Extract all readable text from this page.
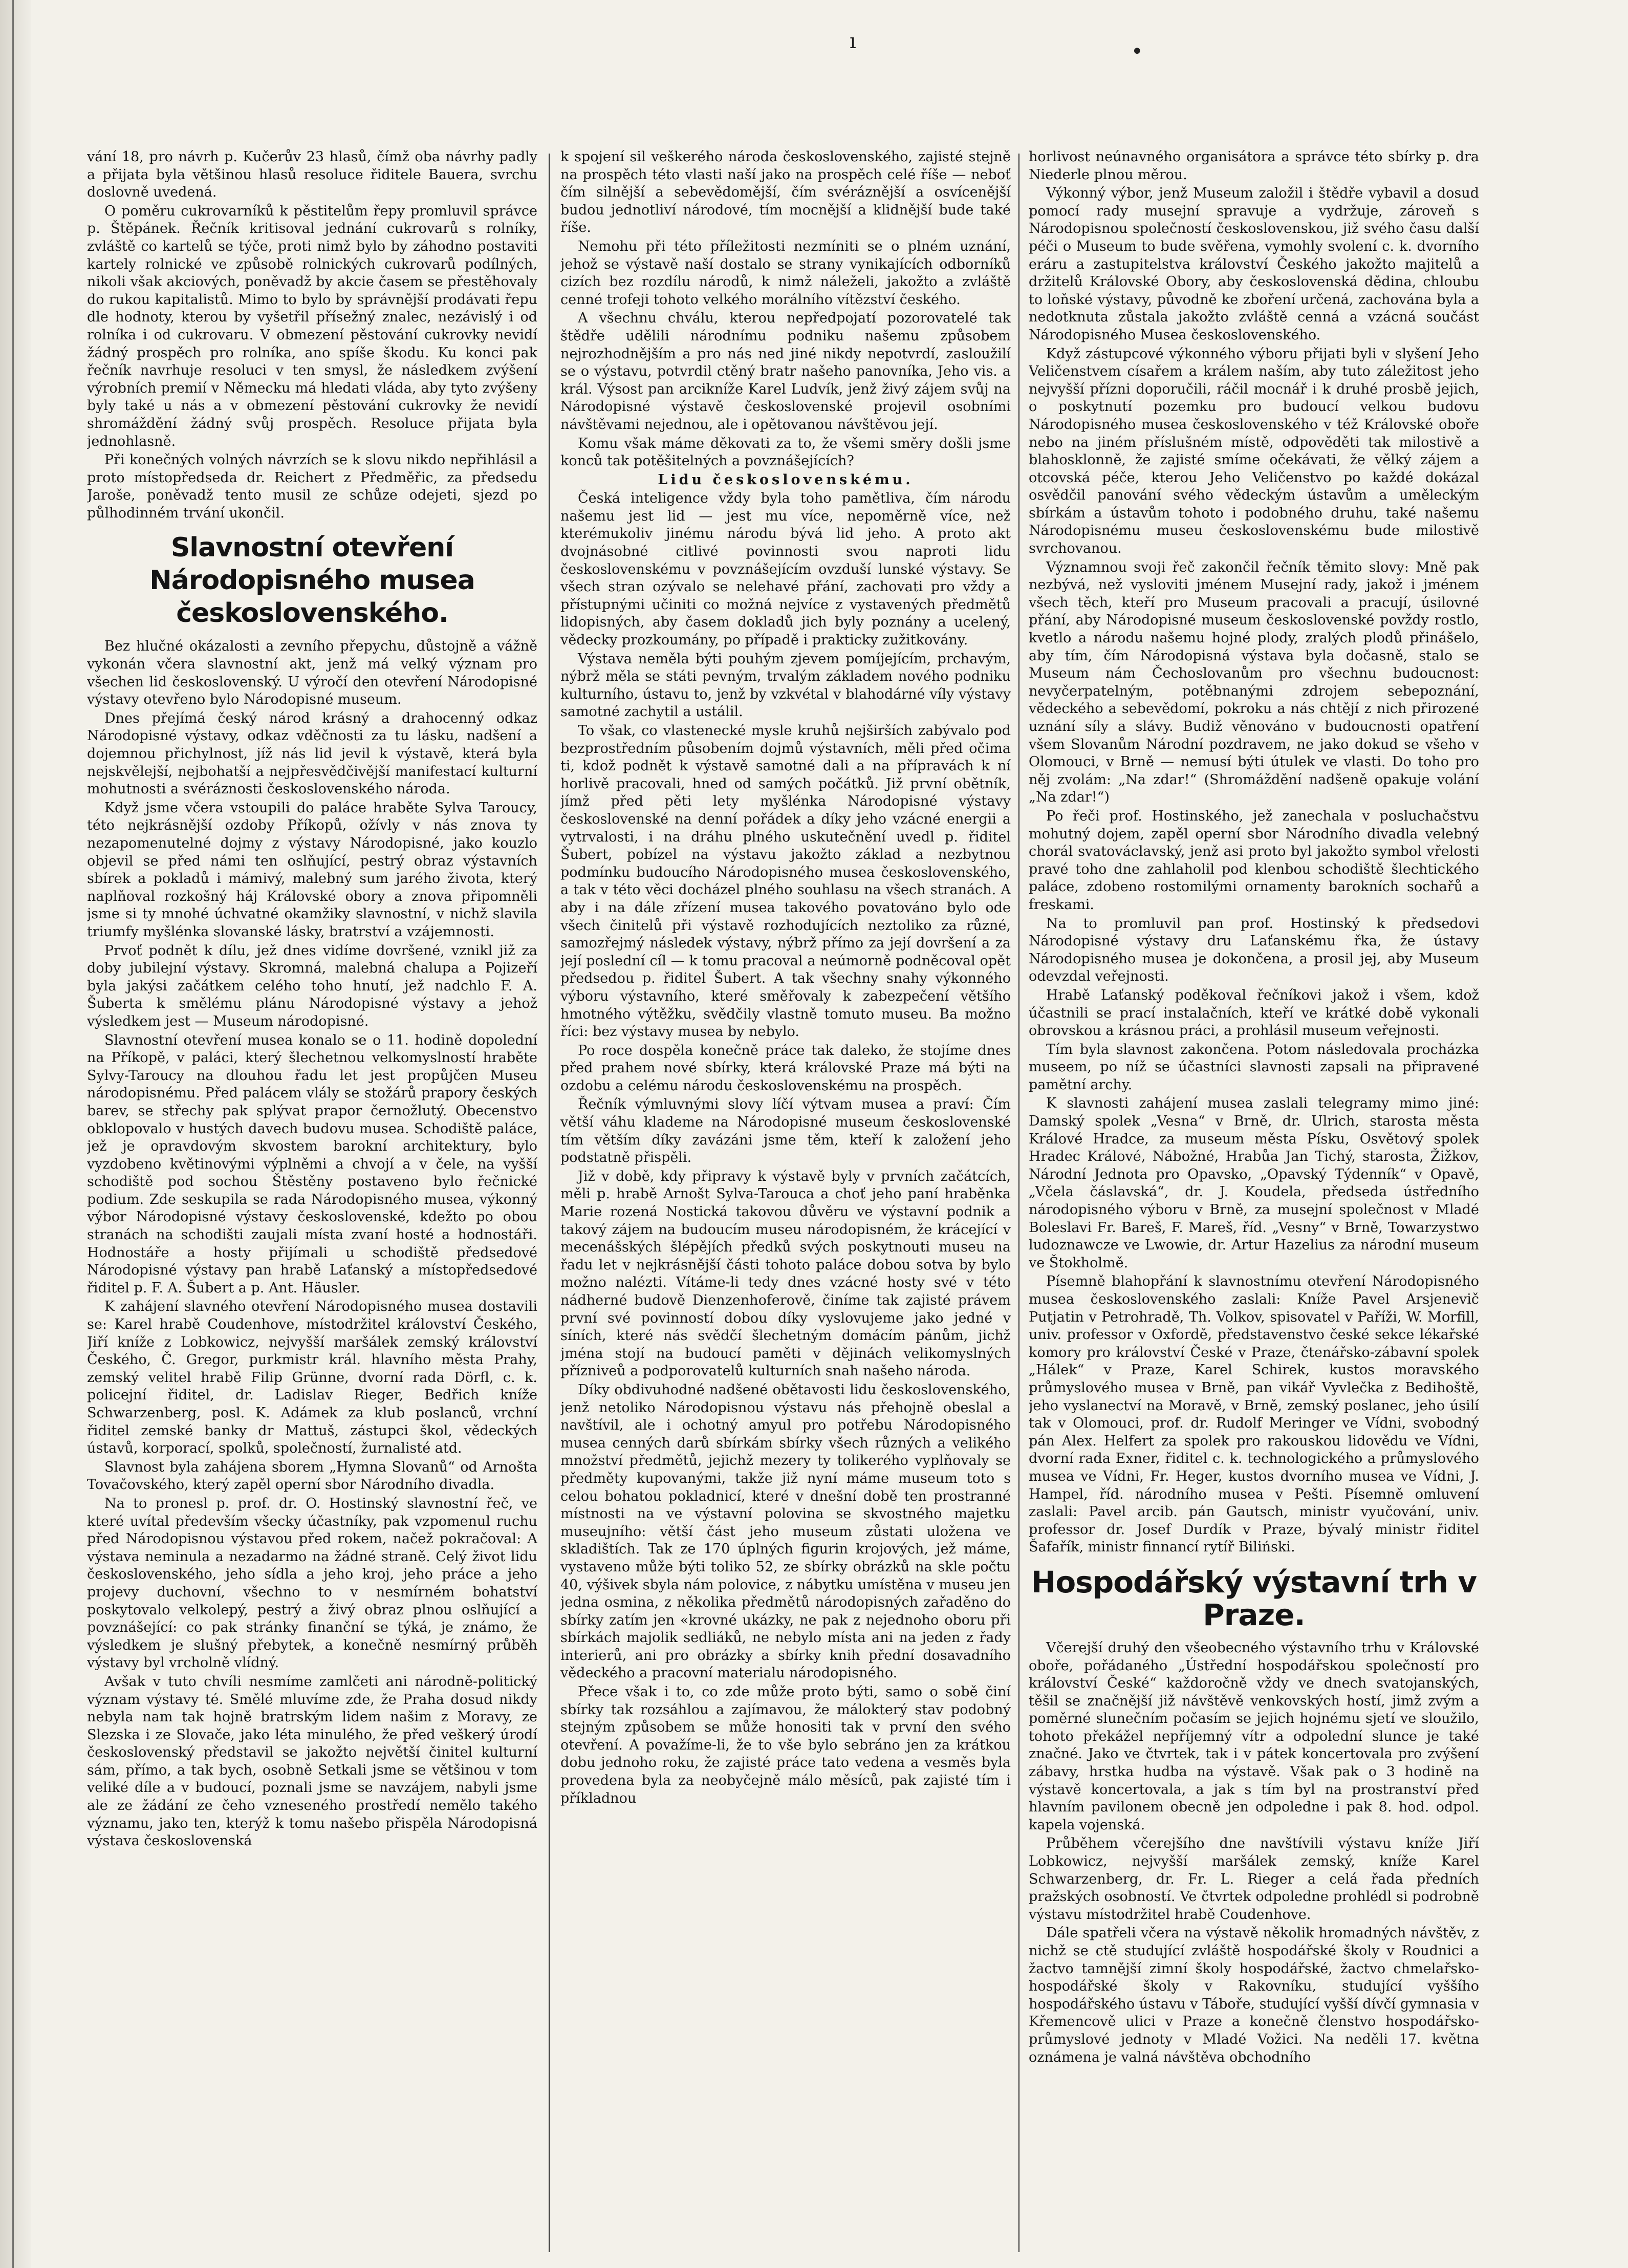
ı	•

vání 18, pro návrh p. Kučerův 23 hlasů, čímž oba návrhy padly a přijata byla většinou hlasů resoluce řiditele Bauera, svrchu doslovně uvedená.

O poměru cukrovarníků k pěstitelům řepy promluvil správce p. Štěpánek. Řečník kritisoval jednání cukrovarů s rolníky, zvláště co kartelů se týče, proti nimž bylo by záhodno postaviti kartely rolnické ve způsobě rolnických cukrovarů podílných, nikoli však akciových, poněvadž by akcie časem se přestěhovaly do rukou kapitalistů. Mimo to bylo by správnější prodávati řepu dle hodnoty, kterou by vyšetřil přísežný znalec, nezávislý i od rolníka i od cukrovaru. V obmezení pěstování cukrovky nevidí žádný prospěch pro rolníka, ano spíše škodu. Ku konci pak řečník navrhuje resoluci v ten smysl, že následkem zvýšení výrobních premií v Německu má hledati vláda, aby tyto zvýšeny byly také u nás a v obmezení pěstování cukrovky že nevidí shromáždění žádný svůj prospěch. Resoluce přijata byla jednohlasně.

Při konečných volných návrzích se k slovu nikdo nepřihlásil a proto místopředseda dr. Reichert z Předměřic, za předsedu Jaroše, poněvadž tento musil ze schůze odejeti, sjezd po půlhodinném trvání ukončil.

Slavnostní otevření Národopisného musea československého.

Bez hlučné okázalosti a zevního přepychu, důstojně a vážně vykonán včera slavnostní akt, jenž má velký význam pro všechen lid československý. U výročí den otevření Národopisné výstavy otevřeno bylo Národopisné museum.

Dnes přejímá český národ krásný a drahocenný odkaz Národopisné výstavy, odkaz vděčnosti za tu lásku, nadšení a dojemnou přichylnost, jíž nás lid jevil k výstavě, která byla nejskvělejší, nejbohatší a nejpřesvědčivější manifestací kulturní mohutnosti a svéráznosti československého národa.

Když jsme včera vstoupili do paláce hraběte Sylva Taroucy, této nejkrásnější ozdoby Příkopů, ožívly v nás znova ty nezapomenutelné dojmy z výstavy Národopisné, jako kouzlo objevil se před námi ten oslňující, pestrý obraz výstavních sbírek a pokladů i mámivý, malebný sum jarého života, který naplňoval rozkošný háj Královské obory a znova připomněli jsme si ty mnohé úchvatné okamžiky slavnostní, v nichž slavila triumfy myšlénka slovanské lásky, bratrství a vzájemnosti.

Prvoť podnět k dílu, jež dnes vidíme dovršené, vznikl již za doby jubilejní výstavy. Skromná, malebná chalupa a Pojizeří byla jakýsi začátkem celého toho hnutí, jež nadchlo F. A. Šuberta k smělému plánu Národopisné výstavy a jehož výsledkem jest — Museum národopisné.

Slavnostní otevření musea konalo se o 11. hodině dopolední na Příkopě, v paláci, který šlechetnou velkomyslností hraběte Sylvy-Taroucy na dlouhou řadu let jest propůjčen Museu národopisnému. Před palácem vlály se stožárů prapory českých barev, se střechy pak splývat prapor černožlutý. Obecenstvo obklopovalo v hustých davech budovu musea. Schodiště paláce, jež je opravdovým skvostem barokní architektury, bylo vyzdobeno květinovými výplněmi a chvojí a v čele, na vyšší schodiště pod sochou Štěstěny postaveno bylo řečnické podium. Zde seskupila se rada Národopisného musea, výkonný výbor Národopisné výstavy československé, kdežto po obou stranách na schodišti zaujali místa zvaní hosté a hodnostáři. Hodnostáře a hosty přijímali u schodiště předsedové Národopisné výstavy pan hrabě Laťanský a místopředsedové řiditel p. F. A. Šubert a p. Ant. Häusler.

K zahájení slavného otevření Národopisného musea dostavili se: Karel hrabě Coudenhove, místodržitel království Českého, Jiří kníže z Lobkowicz, nejvyšší maršálek zemský království Českého, Č. Gregor, purkmistr král. hlavního města Prahy, zemský velitel hrabě Filip Grünne, dvorní rada Dörfl, c. k. policejní řiditel, dr. Ladislav Rieger, Bedřich kníže Schwarzenberg, posl. K. Adámek za klub poslanců, vrchní řiditel zemské banky dr Mattuš, zástupci škol, vědeckých ústavů, korporací, spolků, společností, žurnalisté atd.

Slavnost byla zahájena sborem „Hymna Slovanů“ od Arnošta Tovačovského, který zapěl operní sbor Národního divadla.

Na to pronesl p. prof. dr. O. Hostinský slavnostní řeč, ve které uvítal především všecky účastníky, pak vzpomenul ruchu před Národopisnou výstavou před rokem, načež pokračoval: A výstava neminula a nezadarmo na žádné straně. Celý život lidu československého, jeho sídla a jeho kroj, jeho práce a jeho projevy duchovní, všechno to v nesmírném bohatství poskytovalo velkolepý, pestrý a živý obraz plnou oslňující a povznášející: co pak stránky finanční se týká, je známo, že výsledkem je slušný přebytek, a konečně nesmírný průběh výstavy byl vrcholně vlídný.

Avšak v tuto chvíli nesmíme zamlčeti ani národně-politický význam výstavy té. Smělé mluvíme zde, že Praha dosud nikdy nebyla nam tak hojně bratrským lidem našim z Moravy, ze Slezska i ze Slovače, jako léta minulého, že před veškerý úrodí československý představil se jakožto největší činitel kulturní sám, přímo, a tak bych, osobně Setkali jsme se většinou v tom veliké díle a v budoucí, poznali jsme se navzájem, nabyli jsme ale ze žádání ze čeho vzneseného prostředí nemělo takého významu, jako ten, kterýž k tomu našebo přispěla Národopisná výstava československá

k spojení sil veškerého národa československého, zajisté stejně na prospěch této vlasti naší jako na prospěch celé říše — neboť čím silnější a sebevědomější, čím svéráznější a osvícenější budou jednotliví národové, tím mocnější a klidnější bude také říše.

Nemohu při této příležitosti nezmíniti se o plném uznání, jehož se výstavě naší dostalo se strany vynikajících odborníků cizích bez rozdílu národů, k nimž náleželi, jakožto a zvláště cenné trofeji tohoto velkého morálního vítězství českého.

A všechnu chválu, kterou nepředpojatí pozorovatelé tak štědře udělili národnímu podniku našemu způsobem nejrozhodnějším a pro nás ned jiné nikdy nepotvrdí, zasloužilí se o výstavu, potvrdil ctěný bratr našeho panovníka, Jeho vis. a král. Výsost pan arcikníže Karel Ludvík, jenž živý zájem svůj na Národopisné výstavě československé projevil osobními návštěvami nejednou, ale i opětovanou návštěvou její.

Komu však máme děkovati za to, že všemi směry došli jsme konců tak potěšitelných a povznášejících?

Lidu československému.

Česká inteligence vždy byla toho pamětliva, čím národu našemu jest lid — jest mu více, nepoměrně více, než kterémukoliv jinému národu bývá lid jeho. A proto akt dvojnásobné citlivé povinnosti svou naproti lidu československému v povznášejícím ovzduší lunské výstavy. Se všech stran ozývalo se nelehavé přání, zachovati pro vždy a přístupnými učiniti co možná nejvíce z vystavených předmětů lidopisných, aby časem dokladů jich byly poznány a ucelený, vědecky prozkoumány, po případě i prakticky zužitkovány.

Výstava neměla býti pouhým zjevem pomíjejícím, prchavým, nýbrž měla se státi pevným, trvalým základem nového podniku kulturního, ústavu to, jenž by vzkvétal v blahodárné víly výstavy samotné zachytil a ustálil.

To však, co vlastenecké mysle kruhů nejširších zabývalo pod bezprostředním působením dojmů výstavních, měli před očima ti, kdož podnět k výstavě samotné dali a na přípravách k ní horlivě pracovali, hned od samých počátků. Již první obětník, jímž před pěti lety myšlénka Národopisné výstavy československé na denní pořádek a díky jeho vzácné energii a vytrvalosti, i na dráhu plného uskutečnění uvedl p. řiditel Šubert, pobízel na výstavu jakožto základ a nezbytnou podmínku budoucího Národopisného musea československého, a tak v této věci docházel plného souhlasu na všech stranách. A aby i na dále zřízení musea takového povatováno bylo ode všech činitelů při výstavě rozhodujících neztoliko za různé, samozřejmý následek výstavy, nýbrž přímo za její dovršení a za její poslední cíl — k tomu pracoval a neúmorně podněcoval opět předsedou p. řiditel Šubert. A tak všechny snahy výkonného výboru výstavního, které směřovaly k zabezpečení většího hmotného výtěžku, svědčily vlastně tomuto museu. Ba možno říci: bez výstavy musea by nebylo.

Po roce dospěla konečně práce tak daleko, že stojíme dnes před prahem nové sbírky, která královské Praze má býti na ozdobu a celému národu československému na prospěch.

Řečník výmluvnými slovy líčí výtvam musea a praví: Čím větší váhu klademe na Národopisné museum československé tím větším díky zavázáni jsme těm, kteří k založení jeho podstatně přispěli.

Již v době, kdy připravy k výstavě byly v prvních začátcích, měli p. hrabě Arnošt Sylva-Tarouca a choť jeho paní hraběnka Marie rozená Nostická takovou důvěru ve výstavní podnik a takový zájem na budoucím museu národopisném, že krácející v mecenášských šlépějích předků svých poskytnouti museu na řadu let v nejkrásnější části tohoto paláce dobou sotva by bylo možno nalézti. Vítáme-li tedy dnes vzácné hosty své v této nádherné budově Dienzenhoferově, činíme tak zajisté právem první své povinností dobou díky vyslovujeme jako jedné v síních, které nás svědčí šlechetným domácím pánům, jichž jména stojí na budoucí paměti v dějinách velikomyslných přízniveů a podporovatelů kulturních snah našeho národa.

Díky obdivuhodné nadšené obětavosti lidu československého, jenž netoliko Národopisnou výstavu nás přehojně obeslal a navštívil, ale i ochotný amyul pro potřebu Národopisného musea cenných darů sbírkám sbírky všech různých a velikého množství předmětů, jejichž mezery ty tolikerého vyplňovaly se předměty kupovanými, takže již nyní máme museum toto s celou bohatou pokladnicí, které v dnešní době ten prostranné místnosti na ve výstavní polovina se skvostného majetku museujního: větší část jeho museum zůstati uložena ve skladištích. Tak ze 170 úplných figurin krojových, jež máme, vystaveno může býti toliko 52, ze sbírky obrázků na skle počtu 40, výšivek sbyla nám polovice, z nábytku umístěna v museu jen jedna osmina, z několika předmětů národopisných zařaděno do sbírky zatím jen «krovné ukázky, ne pak z nejednoho oboru při sbírkách majolik sedliáků, ne nebylo místa ani na jeden z řady interierů, ani pro obrázky a sbírky knih přední dosavadního vědeckého a pracovní materialu národopisného.

Přece však i to, co zde může proto býti, samo o sobě činí sbírky tak rozsáhlou a zajímavou, že málokterý stav podobný stejným způsobem se může honositi tak v první den svého otevření. A považíme-li, že to vše bylo sebráno jen za krátkou dobu jednoho roku, že zajisté práce tato vedena a vesměs byla provedena byla za neobyčejně málo měsíců, pak zajisté tím i příkladnou

horlivost neúnavného organisátora a správce této sbírky p. dra Niederle plnou měrou.

Výkonný výbor, jenž Museum založil i štědře vybavil a dosud pomocí rady musejní spravuje a vydržuje, zároveň s Národopisnou společností československou, již svého času další péči o Museum to bude svěřena, vymohly svolení c. k. dvorního eráru a zastupitelstva království Českého jakožto majitelů a držitelů Královské Obory, aby československá dědina, chloubu to loňské výstavy, původně ke zboření určená, zachována byla a nedotknuta zůstala jakožto zvláště cenná a vzácná součást Národopisného Musea československého.

Když zástupcové výkonného výboru přijati byli v slyšení Jeho Veličenstvem císařem a králem naším, aby tuto záležitost jeho nejvyšší přízni doporučili, ráčil mocnář i k druhé prosbě jejich, o poskytnutí pozemku pro budoucí velkou budovu Národopisného musea československého v též Královské oboře nebo na jiném příslušném místě, odpověděti tak milostivě a blahosklonně, že zajisté smíme očekávati, že vělký zájem a otcovská péče, kterou Jeho Veličenstvo po každé dokázal osvědčil panování svého vědeckým ústavům a uměleckým sbírkám a ústavům tohoto i podobného druhu, také našemu Národopisnému museu československému bude milostivě svrchovanou.

Významnou svoji řeč zakončil řečník těmito slovy: Mně pak nezbývá, než vysloviti jménem Musejní rady, jakož i jménem všech těch, kteří pro Museum pracovali a pracují, úsilovné přání, aby Národopisné museum československé povždy rostlo, kvetlo a národu našemu hojné plody, zralých plodů přinášelo, aby tím, čím Národopisná výstava byla dočasně, stalo se Museum nám Čechoslovanům pro všechnu budoucnost: nevyčerpatelným, potěbnanými zdrojem sebepoznání, vědeckého a sebevědomí, pokroku a nás chtějí z nich přirozené uznání síly a slávy. Budiž věnováno v budoucnosti opatření všem Slovanům Národní pozdravem, ne jako dokud se všeho v Olomouci, v Brně — nemusí býti útulek ve vlasti. Do toho pro něj zvolám: „Na zdar!“ (Shromáždění nadšeně opakuje volání „Na zdar!“)

Po řeči prof. Hostinského, jež zanechala v posluchačstvu mohutný dojem, zapěl operní sbor Národního divadla velebný chorál svatováclavský, jenž asi proto byl jakožto symbol vřelosti pravé toho dne zahlaholil pod klenbou schodiště šlechtického paláce, zdobeno rostomilými ornamenty barokních sochařů a freskami.

Na to promluvil pan prof. Hostinský k předsedovi Národopisné výstavy dru Laťanskému řka, že ústavy Národopisného musea je dokončena, a prosil jej, aby Museum odevzdal veřejnosti.

Hrabě Laťanský poděkoval řečníkovi jakož i všem, kdož účastnili se prací instalačních, kteří ve krátké době vykonali obrovskou a krásnou práci, a prohlásil museum veřejnosti.

Tím byla slavnost zakončena. Potom následovala procházka museem, po níž se účastníci slavnosti zapsali na připravené pamětní archy.

K slavnosti zahájení musea zaslali telegramy mimo jiné: Damský spolek „Vesna“ v Brně, dr. Ulrich, starosta města Králové Hradce, za museum města Písku, Osvětový spolek Hradec Králové, Nábožné, Hrabůa Jan Tichý, starosta, Žižkov, Národní Jednota pro Opavsko, „Opavský Týdenník“ v Opavě, „Včela čáslavská“, dr. J. Koudela, předseda ústředního národopisného výboru v Brně, za musejní společnost v Mladé Boleslavi Fr. Bareš, F. Mareš, říd. „Vesny“ v Brně, Towarzystwo ludoznawcze ve Lwowie, dr. Artur Hazelius za národní museum ve Štokholmě.

Písemně blahopřání k slavnostnímu otevření Národopisného musea československého zaslali: Kníže Pavel Arsjenevič Putjatin v Petrohradě, Th. Volkov, spisovatel v Paříži, W. Morfill, univ. professor v Oxfordě, představenstvo české sekce lékařské komory pro království České v Praze, čtenářsko-zábavní spolek „Hálek“ v Praze, Karel Schirek, kustos moravského průmyslového musea v Brně, pan vikář Vyvlečka z Bedihoště, jeho vyslanectví na Moravě, v Brně, zemský poslanec, jeho úsilí tak v Olomouci, prof. dr. Rudolf Meringer ve Vídni, svobodný pán Alex. Helfert za spolek pro rakouskou lidovědu ve Vídni, dvorní rada Exner, řiditel c. k. technologického a průmyslového musea ve Vídni, Fr. Heger, kustos dvorního musea ve Vídni, J. Hampel, říd. národního musea v Pešti. Písemně omluvení zaslali: Pavel arcib. pán Gautsch, ministr vyučování, univ. professor dr. Josef Durdík v Praze, bývalý ministr řiditel Šafařík, ministr finnancí rytíř Biliński.

Hospodářský výstavní trh v Praze.

Včerejší druhý den všeobecného výstavního trhu v Královské oboře, pořádaného „Ústřední hospodářskou společností pro království České“ každoročně vždy ve dnech svatojanských, těšil se značnější již návštěvě venkovských hostí, jimž zvým a poměrné slunečním počasím se jejich hojnému sjetí ve sloužilo, tohoto překážel nepříjemný vítr a odpolední slunce je také značné. Jako ve čtvrtek, tak i v pátek koncertovala pro zvýšení zábavy, hrstka hudba na výstavě. Však pak o 3 hodině na výstavě koncertovala, a jak s tím byl na prostranství před hlavním pavilonem obecně jen odpoledne i pak 8. hod. odpol. kapela vojenská.

Průběhem včerejšího dne navštívili výstavu kníže Jiří Lobkowicz, nejvyšší maršálek zemský, kníže Karel Schwarzenberg, dr. Fr. L. Rieger a celá řada předních pražských osobností. Ve čtvrtek odpoledne prohlédl si podrobně výstavu místodržitel hrabě Coudenhove.

Dále spatřeli včera na výstavě několik hromadných návštěv, z nichž se ctě studující zvláště hospodářské školy v Roudnici a žactvo tamnější zimní školy hospodářské, žactvo chmelařsko-hospodářské školy v Rakovníku, studující vyššího hospodářského ústavu v Táboře, studující vyšší dívčí gymnasia v Křemencově ulici v Praze a konečně členstvo hospodářsko-průmyslové jednoty v Mladé Vožici. Na neděli 17. května oznámena je valná návštěva obchodního
